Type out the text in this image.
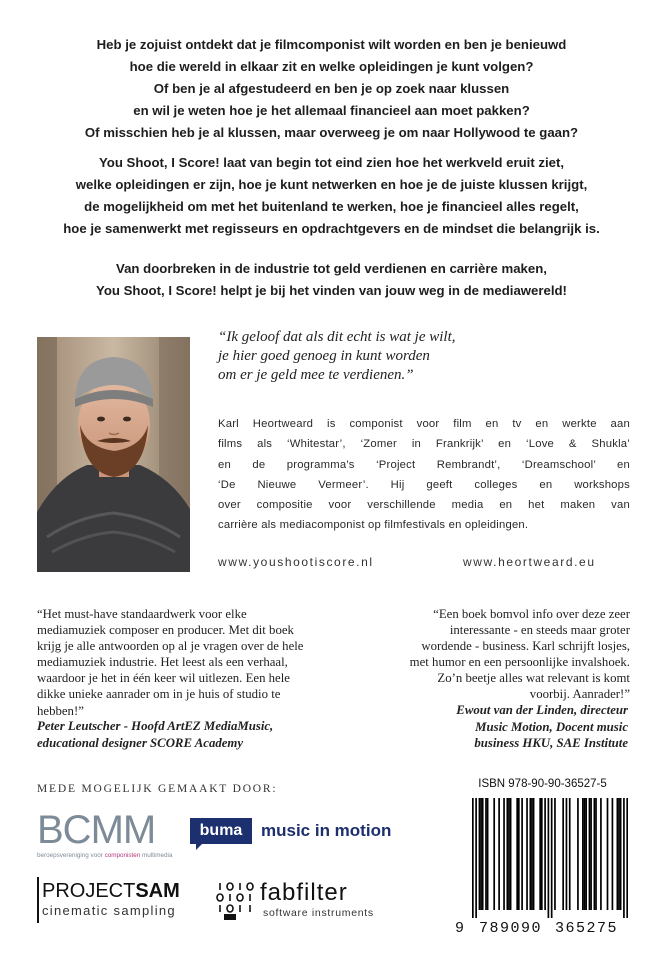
Heb je zojuist ontdekt dat je filmcomponist wilt worden en ben je benieuwd
hoe die wereld in elkaar zit en welke opleidingen je kunt volgen?
Of ben je al afgestudeerd en ben je op zoek naar klussen
en wil je weten hoe je het allemaal financieel aan moet pakken?
Of misschien heb je al klussen, maar overweeg je om naar Hollywood te gaan?
You Shoot, I Score! laat van begin tot eind zien hoe het werkveld eruit ziet,
welke opleidingen er zijn, hoe je kunt netwerken en hoe je de juiste klussen krijgt,
de mogelijkheid om met het buitenland te werken, hoe je financieel alles regelt,
hoe je samenwerkt met regisseurs en opdrachtgevers en de mindset die belangrijk is.
Van doorbreken in de industrie tot geld verdienen en carrière maken,
You Shoot, I Score! helpt je bij het vinden van jouw weg in de mediawereld!
“Ik geloof dat als dit echt is wat je wilt,
je hier goed genoeg in kunt worden
om er je geld mee te verdienen.”
Karl Heortweard is componist voor film en tv en werkte aan
films als ‘Whitestar’, ‘Zomer in Frankrijk’ en ‘Love & Shukla’
en de programma’s ‘Project Rembrandt’, ‘Dreamschool’ en
‘De Nieuwe Vermeer’. Hij geeft colleges en workshops
over compositie voor verschillende media en het maken van
carrière als mediacomponist op filmfestivals en opleidingen.
www.youshootiscore.nl	www.heortweard.eu
“Het must-have standaardwerk voor elke
mediamuziek composer en producer. Met dit boek
krijg je alle antwoorden op al je vragen over de hele
mediamuziek industrie. Het leest als een verhaal,
waardoor je het in één keer wil uitlezen. Een hele
dikke unieke aanrader om in je huis of studio te
hebben!”
Peter Leutscher - Hoofd ArtEZ MediaMusic,
educational designer SCORE Academy
“Een boek bomvol info over deze zeer
interessante - en steeds maar groter
wordende - business. Karl schrijft losjes,
met humor en een persoonlijke invalshoek.
Zo’n beetje alles wat relevant is komt
voorbij. Aanrader!”
Ewout van der Linden, directeur
Music Motion, Docent music
business HKU, SAE Institute
MEDE MOGELIJK GEMAAKT DOOR:
BCMM
beroepsvereniging voor componisten multimedia
buma	music in motion
PROJECTSAM
cinematic sampling
fabfilter
software instruments
ISBN 978-90-90-36527-5
9 789090 365275
